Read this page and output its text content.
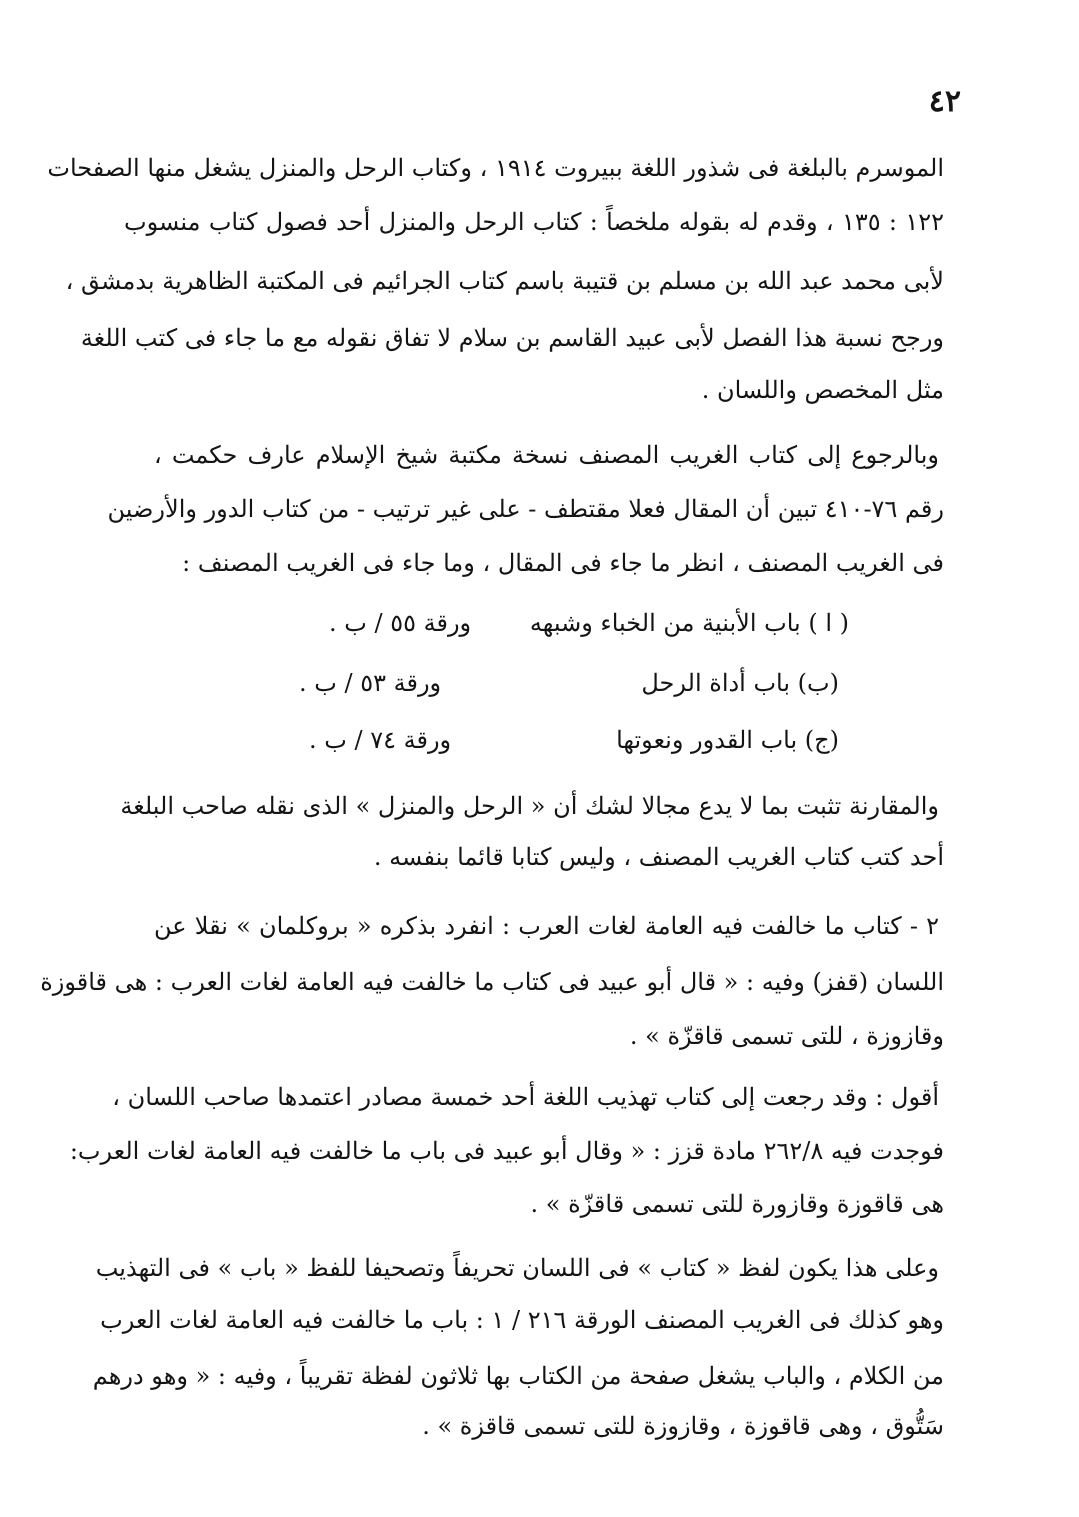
٤٢
الموسرم بالبلغة فى شذور اللغة ببيروت ١٩١٤ ، وكتاب الرحل والمنزل يشغل منها الصفحات
١٢٢ : ١٣٥ ، وقدم له بقوله ملخصاً : كتاب الرحل والمنزل أحد فصول كتاب منسوب
لأبى محمد عبد الله بن مسلم بن قتيبة باسم كتاب الجرائيم فى المكتبة الظاهرية بدمشق ،
ورجح نسبة هذا الفصل لأبى عبيد القاسم بن سلام لا تفاق نقوله مع ما جاء فى كتب اللغة
مثل المخصص واللسان .
وبالرجوع إلى كتاب الغريب المصنف نسخة مكتبة شيخ الإسلام عارف حكمت ،
رقم ٧٦-٤١٠ تبين أن المقال فعلا مقتطف - على غير ترتيب - من كتاب الدور والأرضين
فى الغريب المصنف ، انظر ما جاء فى المقال ، وما جاء فى الغريب المصنف :
( ا ) باب الأبنية من الخباء وشبهه
ورقة ٥٥ / ب .
(ب) باب أداة الرحل
ورقة ٥٣ / ب .
(ج) باب القدور ونعوتها
ورقة ٧٤ / ب .
والمقارنة تثبت بما لا يدع مجالا لشك أن « الرحل والمنزل » الذى نقله صاحب البلغة
أحد كتب كتاب الغريب المصنف ، وليس كتابا قائما بنفسه .
٢ - كتاب ما خالفت فيه العامة لغات العرب : انفرد بذكره « بروكلمان » نقلا عن
اللسان (قفز) وفيه : « قال أبو عبيد فى كتاب ما خالفت فيه العامة لغات العرب : هى قاقوزة
وقازوزة ، للتى تسمى قاقزّة » .
أقول : وقد رجعت إلى كتاب تهذيب اللغة أحد خمسة مصادر اعتمدها صاحب اللسان ،
فوجدت فيه ٢٦٢/٨ مادة قزز : « وقال أبو عبيد فى باب ما خالفت فيه العامة لغات العرب:
هى قاقوزة وقازورة للتى تسمى قاقزّة » .
وعلى هذا يكون لفظ « كتاب » فى اللسان تحريفاً وتصحيفا للفظ « باب » فى التهذيب
وهو كذلك فى الغريب المصنف الورقة ٢١٦ / ١ : باب ما خالفت فيه العامة لغات العرب
من الكلام ، والباب يشغل صفحة من الكتاب بها ثلاثون لفظة تقريباً ، وفيه : « وهو درهم
سَتُّوق ، وهى قاقوزة ، وقازوزة للتى تسمى قاقزة » .
